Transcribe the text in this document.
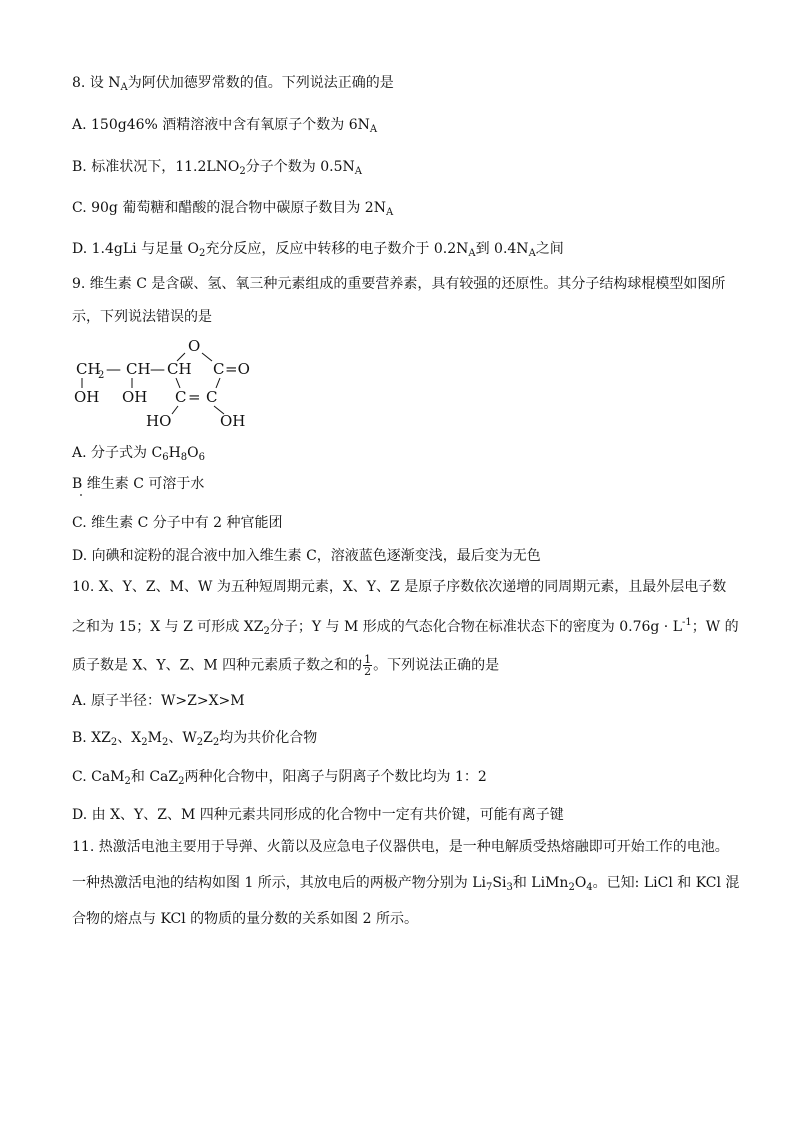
8. 设 $N_A$为阿伏加德罗常数的值。下列说法正确的是
A. 150g46% 酒精溶液中含有氧原子个数为 $6N_A$
B. 标准状况下，$11.2LNO_2$分子个数为 $0.5N_A$
C. 90g 葡萄糖和醋酸的混合物中碳原子数目为 $2N_A$
D. 1.4gLi 与足量 $O_2$充分反应，反应中转移的电子数介于 $0.2N_A$到 $0.4N_A$之间
9. 维生素 C 是含碳、氢、氧三种元素组成的重要营养素，具有较强的还原性。其分子结构球棍模型如图所
示，下列说法错误的是
O
CH
2 — CH — CH C =O
OH OH C = C
HO	OH
A. 分子式为 $C_6H_8O_6$
B 维生素 C 可溶于水
C. 维生素 C 分子中有 2 种官能团
D. 向碘和淀粉的混合液中加入维生素 C，溶液蓝色逐渐变浅，最后变为无色
10. X、Y、Z、M、W 为五种短周期元素，X、Y、Z 是原子序数依次递增的同周期元素，且最外层电子数
之和为 15；X 与 Z 可形成 $XZ_2$分子；Y 与 M 形成的气态化合物在标准状态下的密度为 $0.76g \cdot L^{-1}$；W 的
质子数是 X、Y、Z、M 四种元素质子数之和的 $\frac{1}{2}$ 。下列说法正确的是
A. 原子半径：W>Z>X>M
B. $XZ_2$、$X_2M_2$、$W_2Z_2$均为共价化合物
C. CaM$_2$和 CaZ$_2$两种化合物中，阳离子与阴离子个数比均为 1：2
D. 由 X、Y、Z、M 四种元素共同形成的化合物中一定有共价键，可能有离子键
11. 热激活电池主要用于导弹、火箭以及应急电子仪器供电，是一种电解质受热熔融即可开始工作的电池。
一种热激活电池的结构如图 1 所示，其放电后的两极产物分别为 $Li_7Si_3$和 $LiMn_2O_4$。已知: LiCl 和 KCl 混
合物的熔点与 KCl 的物质的量分数的关系如图 2 所示。
